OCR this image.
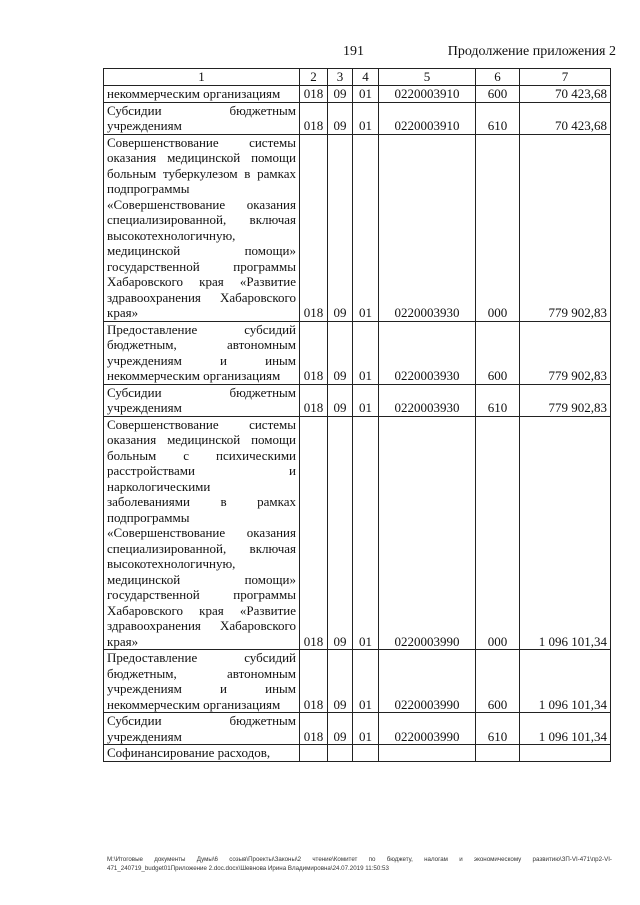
191	Продолжение приложения 2
1	2	3	4	5	6	7
некоммерческим организациям	018	09	01	0220003910	600	70 423,68
Субсидии бюджетным учреждениям	018	09	01	0220003910	610	70 423,68
Совершенствование системы оказания медицинской помощи больным туберкулезом в рамках подпрограммы «Совершенствование оказания специализированной, включая высокотехнологичную, медицинской помощи» государственной программы Хабаровского края «Развитие здравоохранения Хабаровского края»	018	09	01	0220003930	000	779 902,83
Предоставление субсидий бюджетным, автономным учреждениям и иным некоммерческим организациям	018	09	01	0220003930	600	779 902,83
Субсидии бюджетным учреждениям	018	09	01	0220003930	610	779 902,83
Совершенствование системы оказания медицинской помощи больным с психическими расстройствами и наркологическими заболеваниями в рамках подпрограммы «Совершенствование оказания специализированной, включая высокотехнологичную, медицинской помощи» государственной программы Хабаровского края «Развитие здравоохранения Хабаровского края»	018	09	01	0220003990	000	1 096 101,34
Предоставление субсидий бюджетным, автономным учреждениям и иным некоммерческим организациям	018	09	01	0220003990	600	1 096 101,34
Субсидии бюджетным учреждениям	018	09	01	0220003990	610	1 096 101,34
Софинансирование расходов,						
M:\Итоговые документы Думы\6 созыв\Проекты\Законы\2 чтение\Комитет по бюджету, налогам и экономическому развитию\ЗП-VI-471\пр2-VI-471_240719_budget01Приложение 2.doc.docx\Шевнова Ирина Владимировна\24.07.2019 11:50:53
